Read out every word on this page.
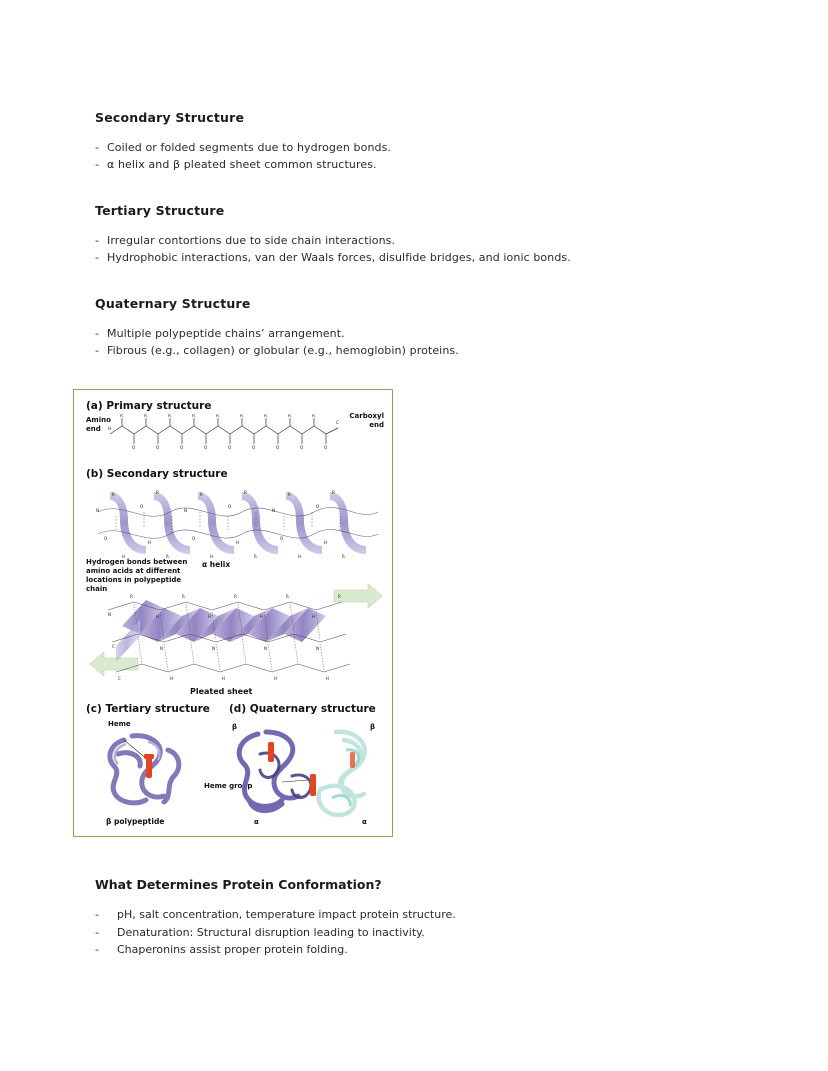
Secondary Structure
- Coiled or folded segments due to hydrogen bonds.
- α helix and β pleated sheet common structures.
Tertiary Structure
- Irregular contortions due to side chain interactions.
- Hydrophobic interactions, van der Waals forces, disulfide bridges, and ionic bonds.
Quaternary Structure
- Multiple polypeptide chains’ arrangement.
- Fibrous (e.g., collagen) or globular (e.g., hemoglobin) proteins.
(a) Primary structure
Amino
end
Carboxyl
end
R	R	R	R	R	R	R	R	R
O	O	O	O	O	O	O	O	O
H
C
(b) Secondary structure
R	R	R	R	R	R
N
O
N
O
N
O
O
H
O
H
O
H
H	R	H	R	H	R
Hydrogen bonds between
amino acids at different
locations in polypeptide
chain
α helix
R	R	R	R	R
N	H	H	H	H
C	N	N	N	N
C	H	H	H	H
Pleated sheet
(c) Tertiary structure
Heme
β polypeptide
(d) Quaternary structure
β	β
α	α
Heme group
What Determines Protein Conformation?
- pH, salt concentration, temperature impact protein structure.
- Denaturation: Structural disruption leading to inactivity.
- Chaperonins assist proper protein folding.
